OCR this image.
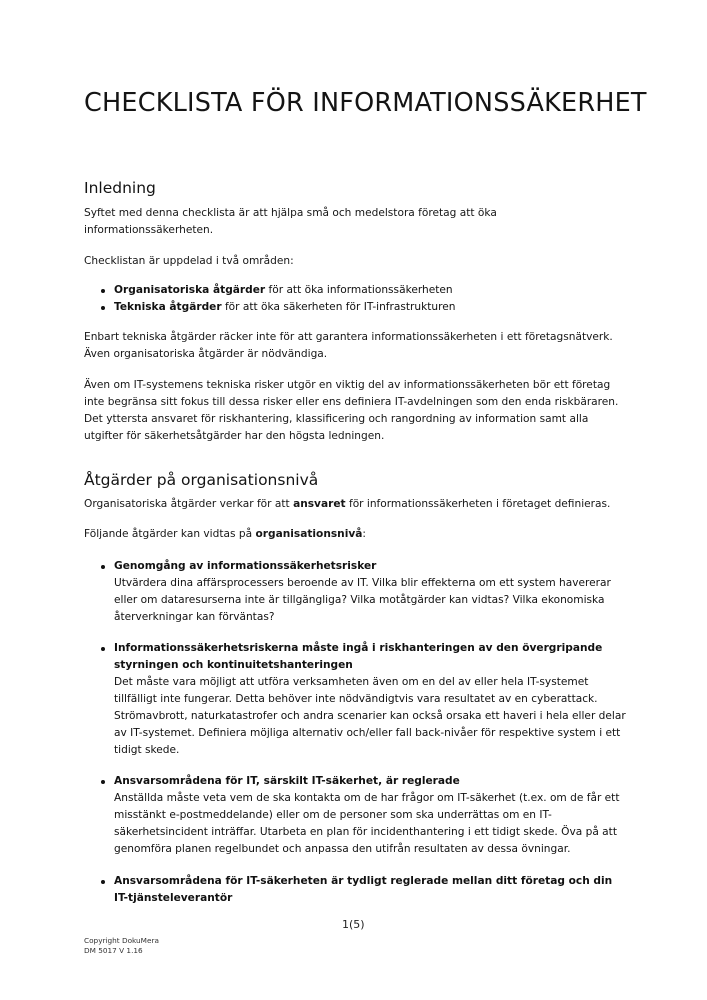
CHECKLISTA FÖR INFORMATIONSSÄKERHET
Inledning

Syftet med denna checklista är att hjälpa små och medelstora företag att öka informationssäkerheten.

Checklistan är uppdelad i två områden:

Organisatoriska åtgärder för att öka informationssäkerheten
Tekniska åtgärder för att öka säkerheten för IT-infrastrukturen

Enbart tekniska åtgärder räcker inte för att garantera informationssäkerheten i ett företagsnätverk. Även organisatoriska åtgärder är nödvändiga.

Även om IT-systemens tekniska risker utgör en viktig del av informationssäkerheten bör ett företag inte begränsa sitt fokus till dessa risker eller ens definiera IT-avdelningen som den enda riskbäraren. Det yttersta ansvaret för riskhantering, klassificering och rangordning av information samt alla utgifter för säkerhetsåtgärder har den högsta ledningen.

Åtgärder på organisationsnivå

Organisatoriska åtgärder verkar för att ansvaret för informationssäkerheten i företaget definieras.

Följande åtgärder kan vidtas på organisationsnivå:

Genomgång av informationssäkerhetsrisker

Utvärdera dina affärsprocessers beroende av IT. Vilka blir effekterna om ett system havererar eller om dataresurserna inte är tillgängliga? Vilka motåtgärder kan vidtas? Vilka ekonomiska återverkningar kan förväntas?

Informationssäkerhetsriskerna måste ingå i riskhanteringen av den övergripande styrningen och kontinuitetshanteringen

Det måste vara möjligt att utföra verksamheten även om en del av eller hela IT-systemet tillfälligt inte fungerar. Detta behöver inte nödvändigtvis vara resultatet av en cyberattack. Strömavbrott, naturkatastrofer och andra scenarier kan också orsaka ett haveri i hela eller delar av IT-systemet. Definiera möjliga alternativ och/eller fall back-nivåer för respektive system i ett tidigt skede.

Ansvarsområdena för IT, särskilt IT-säkerhet, är reglerade

Anställda måste veta vem de ska kontakta om de har frågor om IT-säkerhet (t.ex. om de får ett misstänkt e-postmeddelande) eller om de personer som ska underrättas om en IT-säkerhetsincident inträffar. Utarbeta en plan för incidenthantering i ett tidigt skede. Öva på att genomföra planen regelbundet och anpassa den utifrån resultaten av dessa övningar.

Ansvarsområdena för IT-säkerheten är tydligt reglerade mellan ditt företag och din IT-tjänsteleverantör

1(5)
Copyright DokuMera
DM 5017 V 1.16
